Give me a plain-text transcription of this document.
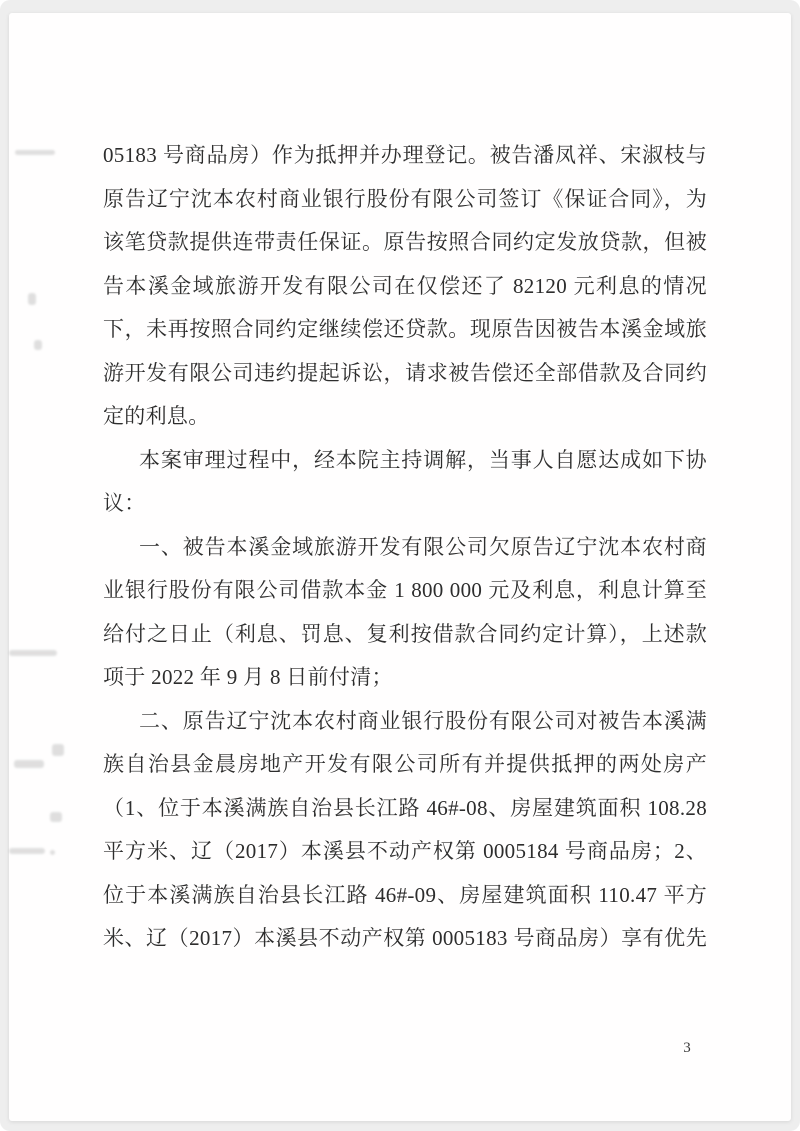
05183 号商品房）作为抵押并办理登记。被告潘凤祥、宋淑枝与
原告辽宁沈本农村商业银行股份有限公司签订《保证合同》，为
该笔贷款提供连带责任保证。原告按照合同约定发放贷款，但被
告本溪金域旅游开发有限公司在仅偿还了 82120 元利息的情况
下，未再按照合同约定继续偿还贷款。现原告因被告本溪金域旅
游开发有限公司违约提起诉讼，请求被告偿还全部借款及合同约
定的利息。
本案审理过程中，经本院主持调解，当事人自愿达成如下协
议：
一、被告本溪金域旅游开发有限公司欠原告辽宁沈本农村商
业银行股份有限公司借款本金 1 800 000 元及利息，利息计算至
给付之日止（利息、罚息、复利按借款合同约定计算），上述款
项于 2022 年 9 月 8 日前付清；
二、原告辽宁沈本农村商业银行股份有限公司对被告本溪满
族自治县金晨房地产开发有限公司所有并提供抵押的两处房产
（1、位于本溪满族自治县长江路 46#-08、房屋建筑面积 108.28
平方米、辽（2017）本溪县不动产权第 0005184 号商品房；2、
位于本溪满族自治县长江路 46#-09、房屋建筑面积 110.47 平方
米、辽（2017）本溪县不动产权第 0005183 号商品房）享有优先
3
